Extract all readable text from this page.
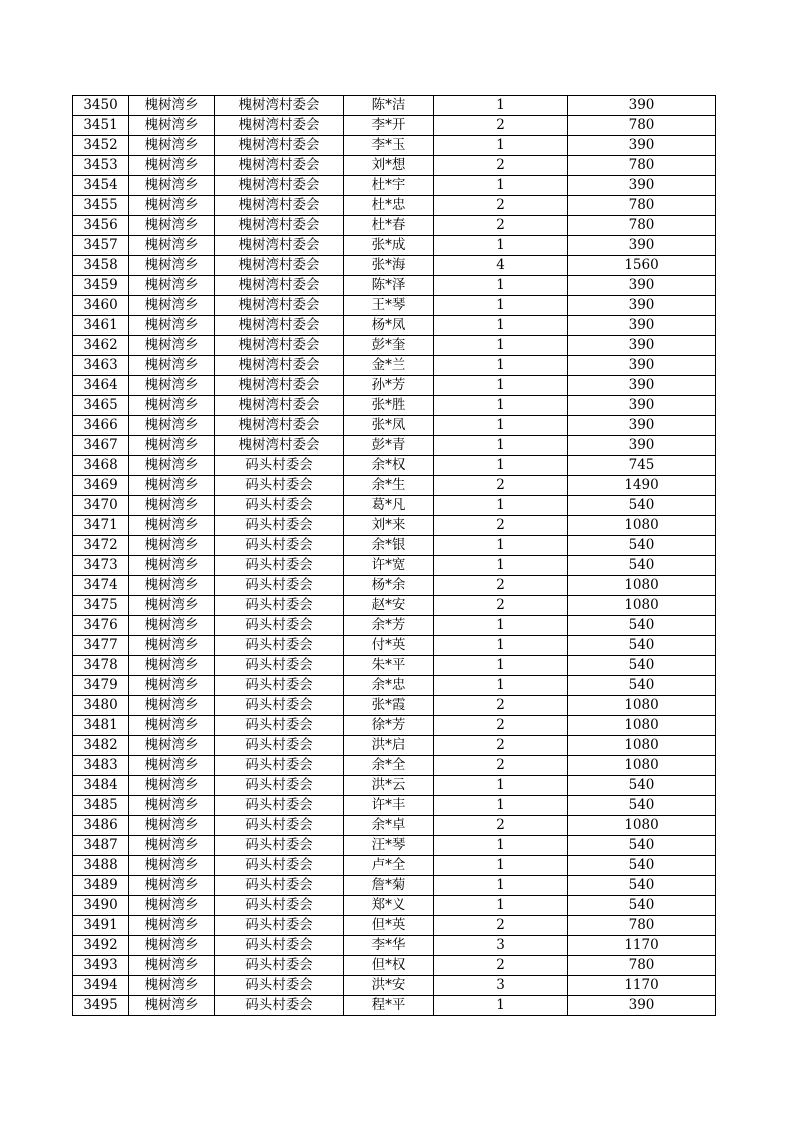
3450	槐树湾乡	槐树湾村委会	陈*洁	1	390
3451	槐树湾乡	槐树湾村委会	李*开	2	780
3452	槐树湾乡	槐树湾村委会	李*玉	1	390
3453	槐树湾乡	槐树湾村委会	刘*想	2	780
3454	槐树湾乡	槐树湾村委会	杜*宇	1	390
3455	槐树湾乡	槐树湾村委会	杜*忠	2	780
3456	槐树湾乡	槐树湾村委会	杜*春	2	780
3457	槐树湾乡	槐树湾村委会	张*成	1	390
3458	槐树湾乡	槐树湾村委会	张*海	4	1560
3459	槐树湾乡	槐树湾村委会	陈*泽	1	390
3460	槐树湾乡	槐树湾村委会	王*琴	1	390
3461	槐树湾乡	槐树湾村委会	杨*凤	1	390
3462	槐树湾乡	槐树湾村委会	彭*奎	1	390
3463	槐树湾乡	槐树湾村委会	金*兰	1	390
3464	槐树湾乡	槐树湾村委会	孙*芳	1	390
3465	槐树湾乡	槐树湾村委会	张*胜	1	390
3466	槐树湾乡	槐树湾村委会	张*凤	1	390
3467	槐树湾乡	槐树湾村委会	彭*青	1	390
3468	槐树湾乡	码头村委会	余*权	1	745
3469	槐树湾乡	码头村委会	余*生	2	1490
3470	槐树湾乡	码头村委会	葛*凡	1	540
3471	槐树湾乡	码头村委会	刘*来	2	1080
3472	槐树湾乡	码头村委会	余*银	1	540
3473	槐树湾乡	码头村委会	许*宽	1	540
3474	槐树湾乡	码头村委会	杨*余	2	1080
3475	槐树湾乡	码头村委会	赵*安	2	1080
3476	槐树湾乡	码头村委会	余*芳	1	540
3477	槐树湾乡	码头村委会	付*英	1	540
3478	槐树湾乡	码头村委会	朱*平	1	540
3479	槐树湾乡	码头村委会	余*忠	1	540
3480	槐树湾乡	码头村委会	张*霞	2	1080
3481	槐树湾乡	码头村委会	徐*芳	2	1080
3482	槐树湾乡	码头村委会	洪*启	2	1080
3483	槐树湾乡	码头村委会	余*全	2	1080
3484	槐树湾乡	码头村委会	洪*云	1	540
3485	槐树湾乡	码头村委会	许*丰	1	540
3486	槐树湾乡	码头村委会	余*卓	2	1080
3487	槐树湾乡	码头村委会	汪*琴	1	540
3488	槐树湾乡	码头村委会	卢*全	1	540
3489	槐树湾乡	码头村委会	詹*菊	1	540
3490	槐树湾乡	码头村委会	郑*义	1	540
3491	槐树湾乡	码头村委会	但*英	2	780
3492	槐树湾乡	码头村委会	李*华	3	1170
3493	槐树湾乡	码头村委会	但*权	2	780
3494	槐树湾乡	码头村委会	洪*安	3	1170
3495	槐树湾乡	码头村委会	程*平	1	390
